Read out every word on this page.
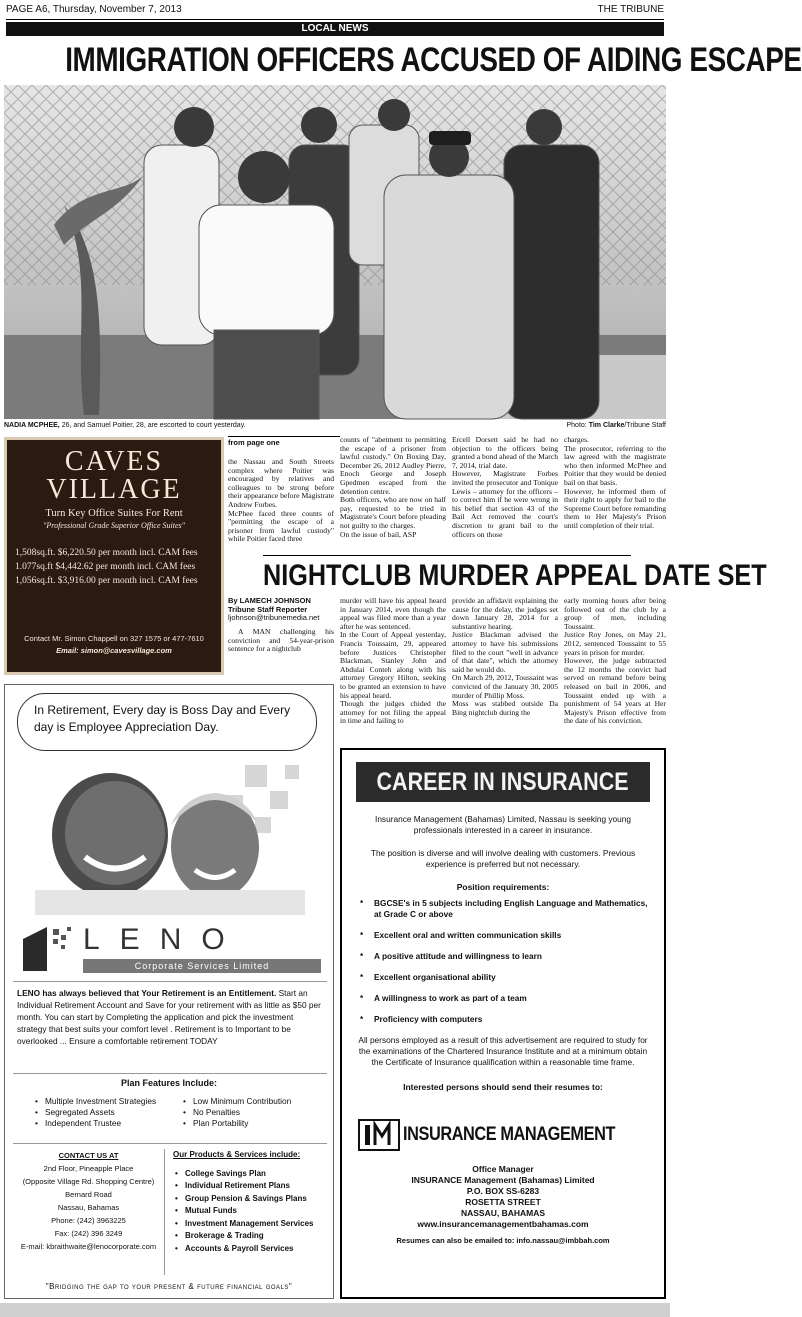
PAGE A6, Thursday, November 7, 2013	THE TRIBUNE
LOCAL NEWS
IMMIGRATION OFFICERS ACCUSED OF AIDING ESCAPE
NADIA MCPHEE, 26, and Samuel Poitier, 28, are escorted to court yesterday.	Photo: Tim Clarke/Tribune Staff
from page one

the Nassau and South Streets complex where Poitier was encouraged by relatives and colleagues to be strong before their appearance before Magistrate Andrew Forbes.
McPhee faced three counts of "permitting the escape of a prisoner from lawful custody" while Poitier faced three

counts of "abetment to permitting the escape of a prisoner from lawful custody." On Boxing Day, December 26, 2012 Audley Pierre, Enoch George and Joseph Gpedmen escaped from the detention centre.
Both officers, who are now on half pay, requested to be tried in Magistrate's Court before pleading not guilty to the charges.
On the issue of bail, ASP

Ercell Dorsett said he had no objection to the officers being granted a bond ahead of the March 7, 2014, trial date.
However, Magistrate Forbes invited the prosecutor and Tonique Lewis – attorney for the officers – to correct him if he were wrong in his belief that section 43 of the Bail Act removed the court's discretion to grant bail to the officers on those

charges.
The prosecutor, referring to the law agreed with the magistrate who then informed McPhee and Poitier that they would be denied bail on that basis.
However, he informed them of their right to apply for bail to the Supreme Court before remanding them to Her Majesty's Prison until completion of their trial.

CAVES
VILLAGE
Turn Key Office Suites For Rent
"Professional Grade Superior Office Suites"
1,508sq.ft. $6,220.50 per month incl. CAM fees
1.077sq.ft $4,442.62 per month incl. CAM fees
1,056sq.ft. $3,916.00 per month incl. CAM fees
Contact Mr. Simon Chappell on 327 1575 or 477-7610
Email: simon@cavesvillage.com
NIGHTCLUB MURDER APPEAL DATE SET
By LAMECH JOHNSON
Tribune Staff Reporter
ljohnson@tribunemedia.net

A MAN challenging his conviction and 54-year-prison sentence for a nightclub

murder will have his appeal heard in January 2014, even though the appeal was filed more than a year after he was sentenced.
In the Court of Appeal yesterday, Francis Toussaint, 29, appeared before Justices Christopher Blackman, Stanley John and Abdulai Conteh along with his attorney Gregory Hilton, seeking to be granted an extension to have his appeal heard.
Though the judges chided the attorney for not filing the appeal in time and failing to

provide an affidavit explaining the cause for the delay, the judges set down January 28, 2014 for a substantive hearing.
Justice Blackman advised the attorney to have his submissions filed to the court "well in advance of that date", which the attorney said he would do.
On March 29, 2012, Toussaint was convicted of the January 30, 2005 murder of Phillip Moss.
Moss was stabbed outside Da Bing nightclub during the

early morning hours after being followed out of the club by a group of men, including Toussaint.
Justice Roy Jones, on May 21, 2012, sentenced Toussaint to 55 years in prison for murder.
However, the judge subtracted the 12 months the convict had served on remand before being released on bail in 2006, and Toussaint ended up with a punishment of 54 years at Her Majesty's Prison effective from the date of his conviction.

In Retirement, Every day is Boss Day and Every day is Employee Appreciation Day.
LENO
Corporate Services Limited
LENO has always believed that Your Retirement is an Entitlement. Start an Individual Retirement Account and Save for your retirement with as little as $50 per month. You can start by Completing the application and pick the investment strategy that best suits your comfort level . Retirement is to Important to be overlooked ... Ensure a comfortable retirement TODAY
Plan Features Include:
• Multiple Investment Strategies
• Segregated Assets
• Independent Trustee
• Low Minimum Contribution
• No Penalties
• Plan Portability
CONTACT US AT
2nd Floor, Pineapple Place
(Opposite Village Rd. Shopping Centre)
Bernard Road
Nassau, Bahamas
Phone: (242) 3963225
Fax: (242) 396 3249
E-mail: kbraithwaite@lenocorporate.com
Our Products & Services include:
• College Savings Plan
• Individual Retirement Plans
• Group Pension & Savings Plans
• Mutual Funds
• Investment Management Services
• Brokerage & Trading
• Accounts & Payroll Services
"Bridging the gap to your present & future financial goals"
CAREER IN INSURANCE
Insurance Management (Bahamas) Limited, Nassau is seeking young professionals interested in a career in insurance.
The position is diverse and will involve dealing with customers. Previous experience is preferred but not necessary.
Position requirements:
* BGCSE's in 5 subjects including English Language and Mathematics, at Grade C or above
* Excellent oral and written communication skills
* A positive attitude and willingness to learn
* Excellent organisational ability
* A willingness to work as part of a team
* Proficiency with computers
All persons employed as a result of this advertisement are required to study for the examinations of the Chartered Insurance Institute and at a minimum obtain the Certificate of Insurance qualification within a reasonable time frame.
Interested persons should send their resumes to:
INSURANCE MANAGEMENT
Office Manager
INSURANCE Management (Bahamas) Limited
P.O. BOX SS-6283
ROSETTA STREET
NASSAU, BAHAMAS
www.insurancemanagementbahamas.com
Resumes can also be emailed to: info.nassau@imbbah.com
